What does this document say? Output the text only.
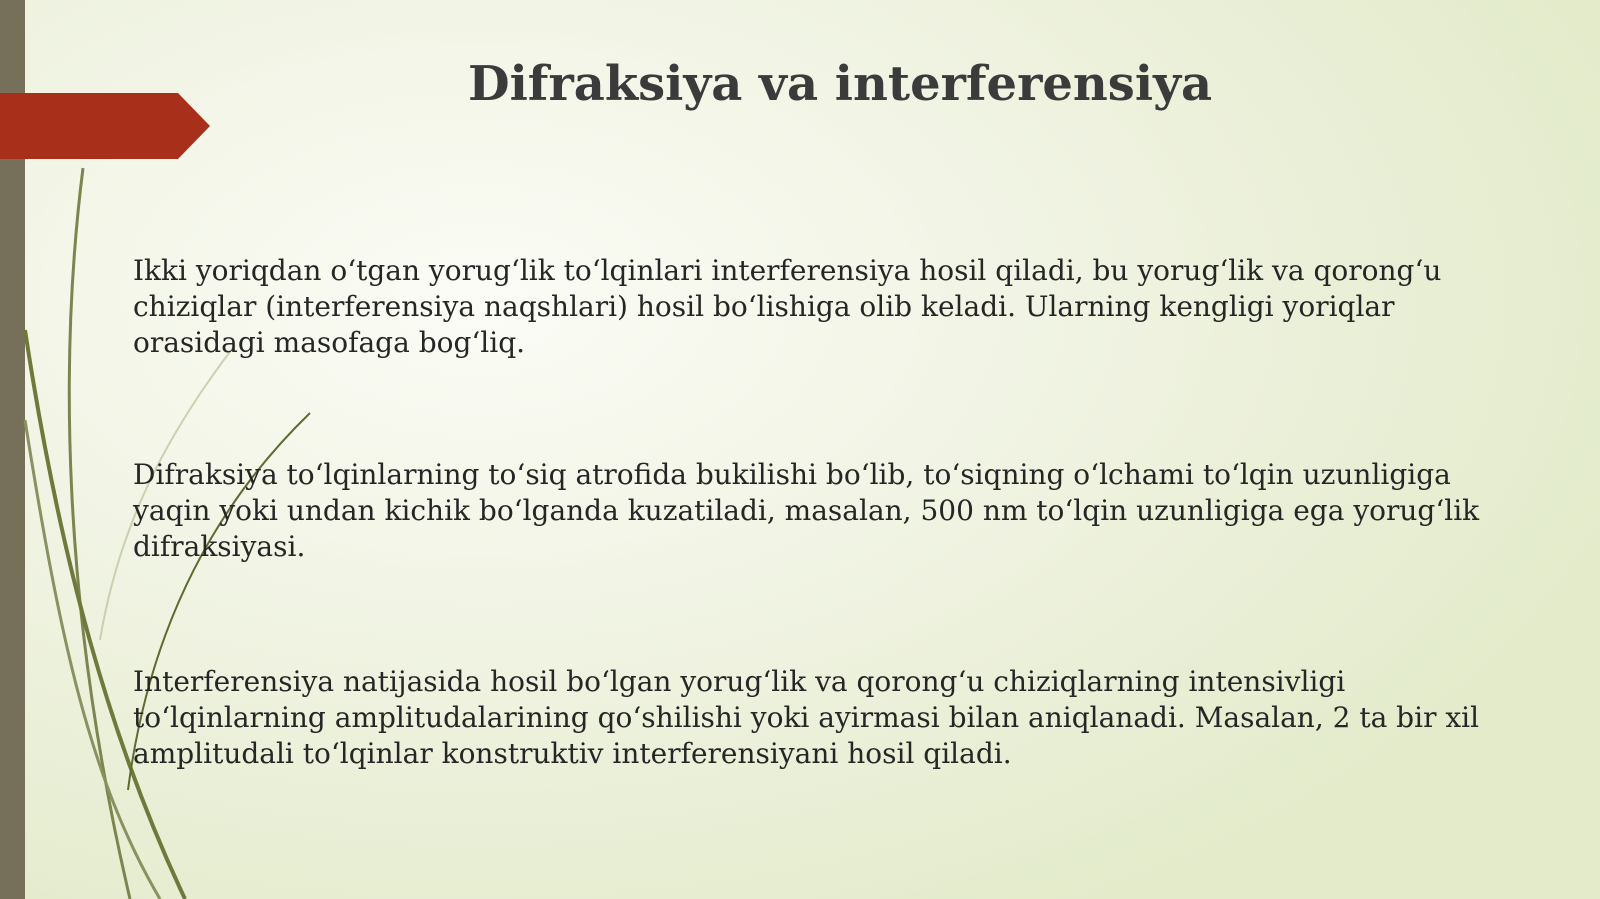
Difraksiya va interferensiya

Ikki yoriqdan o‘tgan yorug‘lik to‘lqinlari interferensiya hosil qiladi, bu yorug‘lik va qorong‘u chiziqlar (interferensiya naqshlari) hosil bo‘lishiga olib keladi. Ularning kengligi yoriqlar orasidagi masofaga bog‘liq.

Difraksiya to‘lqinlarning to‘siq atrofida bukilishi bo‘lib, to‘siqning o‘lchami to‘lqin uzunligiga yaqin yoki undan kichik bo‘lganda kuzatiladi, masalan, 500 nm to‘lqin uzunligiga ega yorug‘lik difraksiyasi.

Interferensiya natijasida hosil bo‘lgan yorug‘lik va qorong‘u chiziqlarning intensivligi to‘lqinlarning amplitudalarining qo‘shilishi yoki ayirmasi bilan aniqlanadi. Masalan, 2 ta bir xil amplitudali to‘lqinlar konstruktiv interferensiyani hosil qiladi.
